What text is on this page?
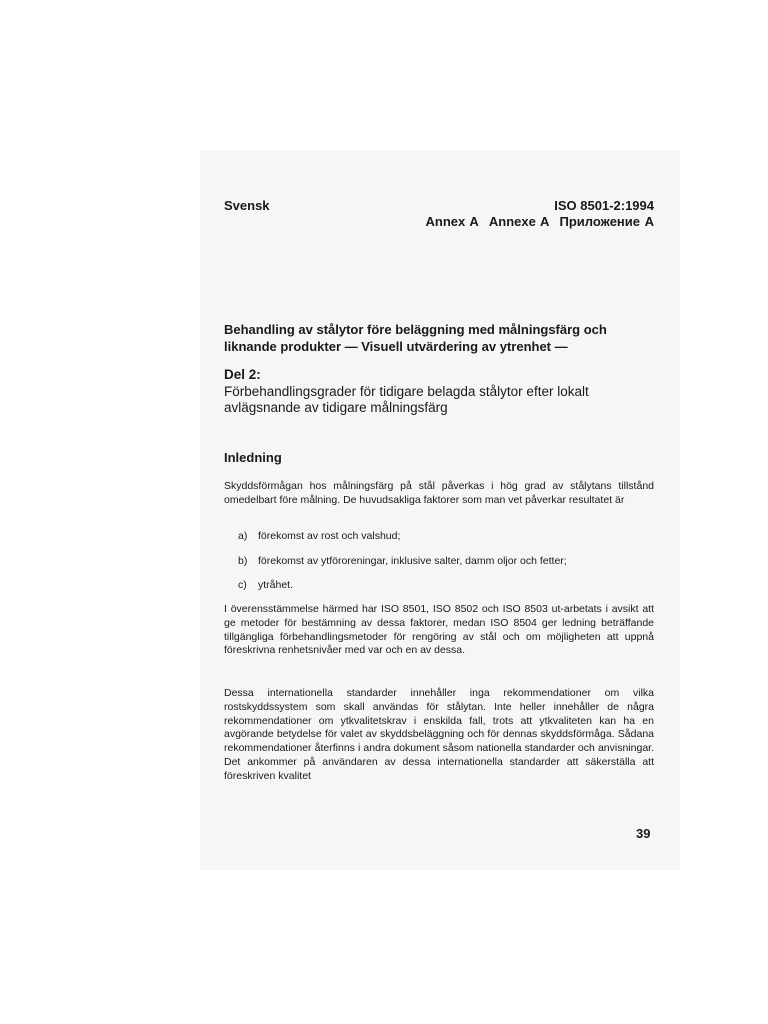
Svensk	ISO 8501-2:1994
Annex A Annexe A Приложение A
Behandling av stålytor före beläggning med målningsfärg och liknande produkter — Visuell utvärdering av ytrenhet —
Del 2:
Förbehandlingsgrader för tidigare belagda stålytor efter lokalt avlägsnande av tidigare målningsfärg
Inledning

Skyddsförmågan hos målningsfärg på stål påverkas i hög grad av stålytans tillstånd omedelbart före målning. De huvudsakliga faktorer som man vet påverkar resultatet är

a)	förekomst av rost och valshud;
b)	förekomst av ytföroreningar, inklusive salter, damm oljor och fetter;
c)	ytråhet.

I överensstämmelse härmed har ISO 8501, ISO 8502 och ISO 8503 ut-arbetats i avsikt att ge metoder för bestämning av dessa faktorer, medan ISO 8504 ger ledning beträffande tillgängliga förbehandlingsmetoder för rengöring av stål och om möjligheten att uppnå föreskrivna renhetsnivåer med var och en av dessa.

Dessa internationella standarder innehåller inga rekommendationer om vilka rostskyddssystem som skall användas för stålytan. Inte heller innehåller de några rekommendationer om ytkvalitetskrav i enskilda fall, trots att ytkvaliteten kan ha en avgörande betydelse för valet av skyddsbeläggning och för dennas skyddsförmåga. Sådana rekommendationer återfinns i andra dokument såsom nationella standarder och anvisningar. Det ankommer på användaren av dessa internationella standarder att säkerställa att föreskriven kvalitet

39
